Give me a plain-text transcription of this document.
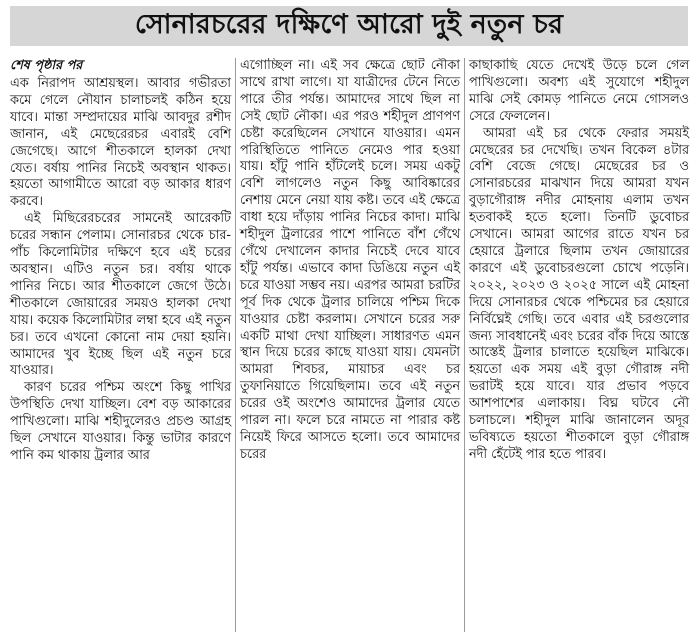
সোনারচরের দক্ষিণে আরো দুই নতুন চর

শেষ পৃষ্ঠার পর

এক নিরাপদ আশ্রয়স্থল। আবার গভীরতা কমে গেলে নৌযান চালাচলই কঠিন হয়ে যাবে। মান্তা সম্প্রদায়ের মাঝি আবদুর রশীদ জানান, এই মেছেরেরচর এবারই বেশি জেগেছে। আগে শীতকালে হালকা দেখা যেত। বর্ষায় পানির নিচেই অবস্থান থাকত। হয়তো আগামীতে আরো বড় আকার ধারণ করবে।

এই মিছিরেরচরের সামনেই আরেকটি চরের সন্ধান পেলাম। সোনারচর থেকে চার-পাঁচ কিলোমিটার দক্ষিণে হবে এই চরের অবস্থান। এটিও নতুন চর। বর্ষায় থাকে পানির নিচে। আর শীতকালে জেগে উঠে। শীতকালে জোয়ারের সময়ও হালকা দেখা যায়। কয়েক কিলোমিটার লম্বা হবে এই নতুন চর। তবে এখনো কোনো নাম দেয়া হয়নি। আমাদের খুব ইচ্ছে ছিল এই নতুন চরে যাওয়ার।

কারণ চরের পশ্চিম অংশে কিছু পাখির উপস্থিতি দেখা যাচ্ছিল। বেশ বড় আকারের পাখিগুলো। মাঝি শহীদুলেরও প্রচণ্ড আগ্রহ ছিল সেখানে যাওয়ার। কিন্তু ভাটার কারণে পানি কম থাকায় ট্রলার আর

এগোচ্ছিল না। এই সব ক্ষেত্রে ছোট নৌকা সাথে রাখা লাগে। যা যাত্রীদের টেনে নিতে পারে তীর পর্যন্ত। আমাদের সাথে ছিল না সেই ছোট নৌকা। এর পরও শহীদুল প্রাণপণ চেষ্টা করেছিলেন সেখানে যাওয়ার। এমন পরিস্থিতিতে পানিতে নেমেও পার হওয়া যায়। হাঁটু পানি হাঁটলেই চলে। সময় একটু বেশি লাগলেও নতুন কিছু আবিষ্কারের নেশায় মেনে নেয়া যায় কষ্ট। তবে এই ক্ষেত্রে বাধা হয়ে দাঁড়ায় পানির নিচের কাদা। মাঝি শহীদুল ট্রলারের পাশে পানিতে বাঁশ গেঁথে গেঁথে দেখালেন কাদার নিচেই দেবে যাবে হাঁটু পর্যন্ত। এভাবে কাদা ডিঙিয়ে নতুন এই চরে যাওয়া সম্ভব নয়। এরপর আমরা চরটির পূর্ব দিক থেকে ট্রলার চালিয়ে পশ্চিম দিকে যাওয়ার চেষ্টা করলাম। সেখানে চরের সরু একটি মাথা দেখা যাচ্ছিল। সাধারণত এমন স্থান দিয়ে চরের কাছে যাওয়া যায়। যেমনটা আমরা শিবচর, মায়াচর এবং চর তুফানিয়াতে গিয়েছিলাম। তবে এই নতুন চরের ওই অংশেও আমাদের ট্রলার যেতে পারল না। ফলে চরে নামতে না পারার কষ্ট নিয়েই ফিরে আসতে হলো। তবে আমাদের চরের

কাছাকাছি যেতে দেখেই উড়ে চলে গেল পাখিগুলো। অবশ্য এই সুযোগে শহীদুল মাঝি সেই কোমড় পানিতে নেমে গোসলও সেরে ফেললেন।

আমরা এই চর থেকে ফেরার সময়ই মেছেরের চর দেখেছি। তখন বিকেল ৪টার বেশি বেজে গেছে। মেছেরের চর ও সোনারচরের মাঝখান দিয়ে আমরা যখন বুড়াগৌরাঙ্গ নদীর মোহনায় এলাম তখন হতবাকই হতে হলো। তিনটি ডুবোচর সেখানে। আমরা আগের রাতে যখন চর হেয়ারে ট্রলারে ছিলাম তখন জোয়ারের কারণে এই ডুবোচরগুলো চোখে পড়েনি। ২০২২, ২০২৩ ও ২০২৫ সালে এই মোহনা দিয়ে সোনারচর থেকে পশ্চিমের চর হেয়ারে নির্বিঘ্নেই গেছি। তবে এবার এই চরগুলোর জন্য সাবধানেই এবং চরের বাঁক দিয়ে আস্তে আস্তেই ট্রলার চালাতে হয়েছিল মাঝিকে। হয়তো এক সময় এই বুড়া গৌরাঙ্গ নদী ভরাটই হয়ে যাবে। যার প্রভাব পড়বে আশপাশের এলাকায়। বিঘ্ন ঘটবে নৌ চলাচলে। শহীদুল মাঝি জানালেন অদূর ভবিষ্যতে হয়তো শীতকালে বুড়া গৌরাঙ্গ নদী হেঁটেই পার হতে পারব।
